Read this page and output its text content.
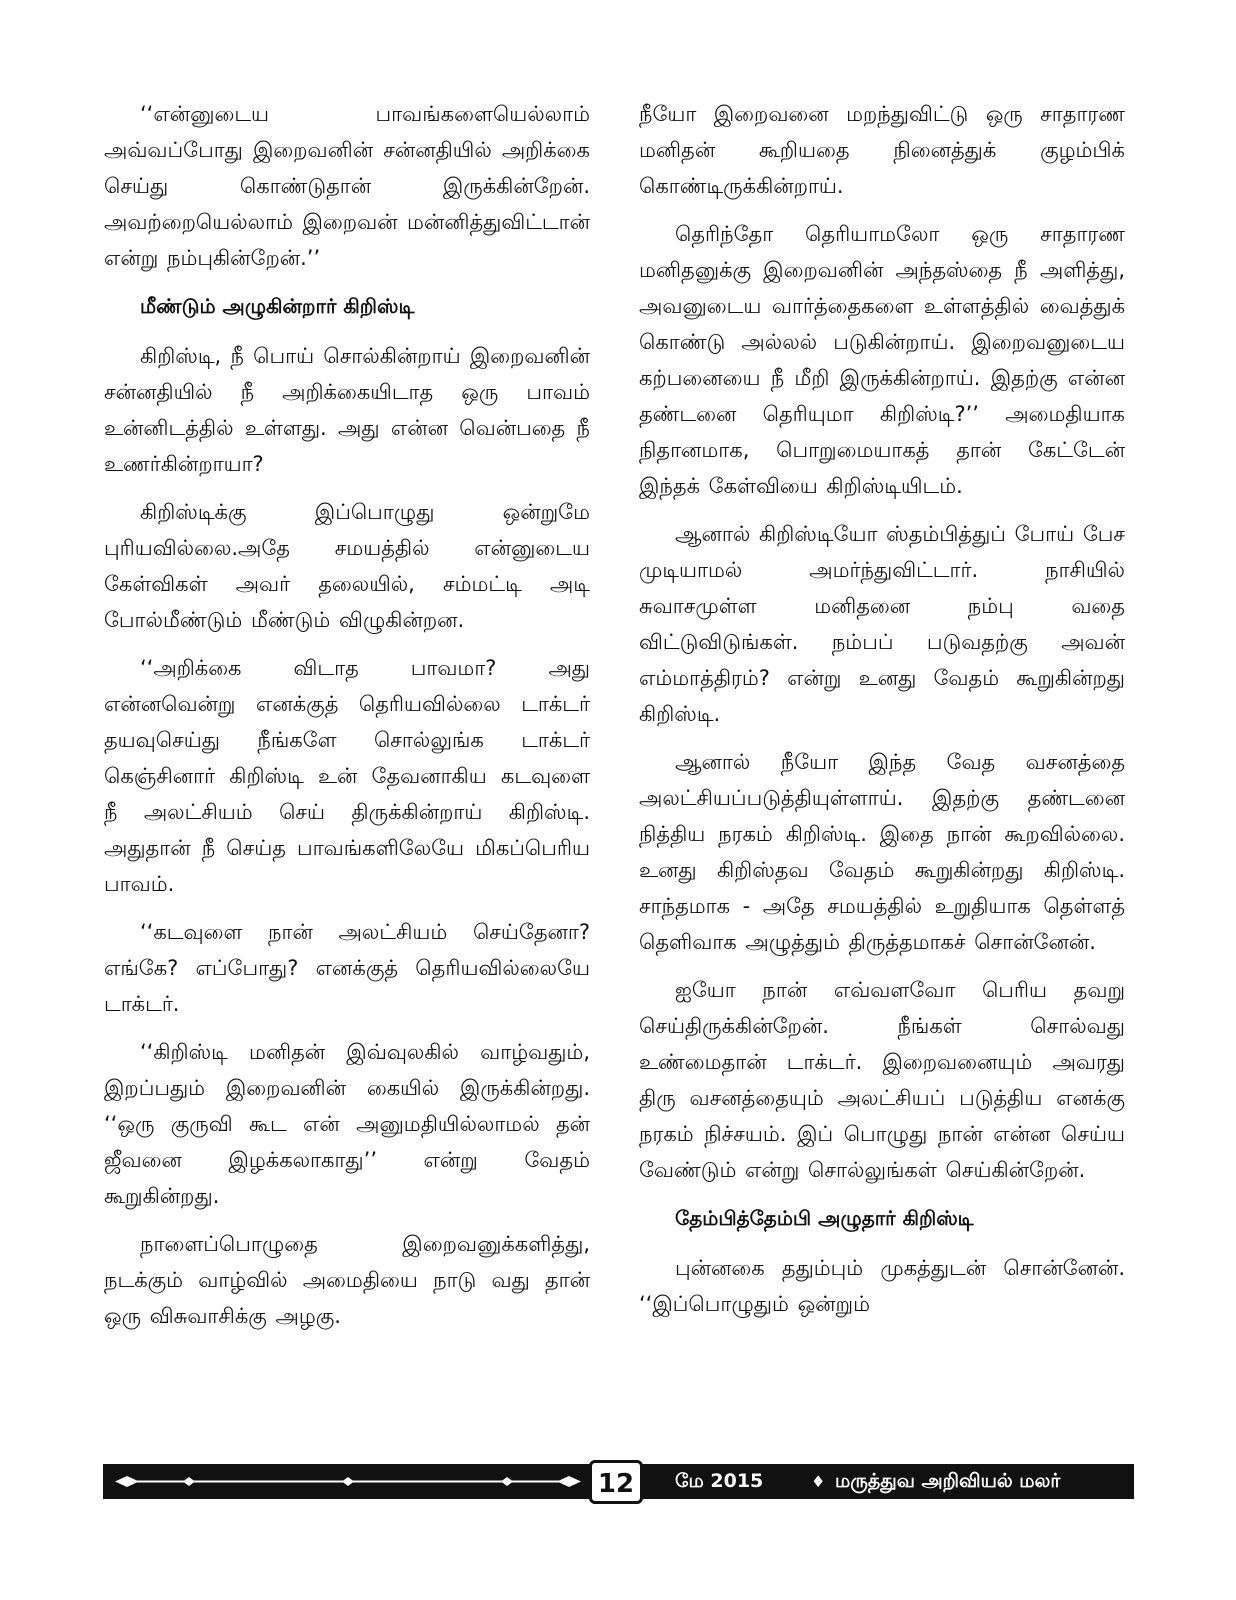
‘‘என்னுடைய பாவங்களையெல்லாம் அவ்வப்போது இறைவனின் சன்னதியில் அறிக்கை செய்து கொண்டுதான் இருக்கின்றேன். அவற்றையெல்லாம் இறைவன் மன்னித்துவிட்டான் என்று நம்புகின்றேன்.’’

மீண்டும் அழுகின்றார் கிறிஸ்டி

கிறிஸ்டி, நீ பொய் சொல்கின்றாய் இறைவனின் சன்னதியில் நீ அறிக்கையிடாத ஒரு பாவம் உன்னிடத்தில் உள்ளது. அது என்ன வென்பதை நீ உணர்கின்றாயா?

கிறிஸ்டிக்கு இப்பொழுது ஒன்றுமே புரியவில்லை.அதே சமயத்தில் என்னுடைய கேள்விகள் அவர் தலையில், சம்மட்டி அடி போல்மீண்டும் மீண்டும் விழுகின்றன.

‘‘அறிக்கை விடாத பாவமா? அது என்னவென்று எனக்குத் தெரியவில்லை டாக்டர் தயவுசெய்து நீங்களே சொல்லுங்க டாக்டர் கெஞ்சினார் கிறிஸ்டி உன் தேவனாகிய கடவுளை நீ அலட்சியம் செய் திருக்கின்றாய் கிறிஸ்டி. அதுதான் நீ செய்த பாவங்களிலேயே மிகப்பெரிய பாவம்.

‘‘கடவுளை நான் அலட்சியம் செய்தேனா? எங்கே? எப்போது? எனக்குத் தெரியவில்லையே டாக்டர்.

‘‘கிறிஸ்டி மனிதன் இவ்வுலகில் வாழ்வதும், இறப்பதும் இறைவனின் கையில் இருக்கின்றது. ‘‘ஒரு குருவி கூட என் அனுமதியில்லாமல் தன் ஜீவனை இழக்கலாகாது’’ என்று வேதம் கூறுகின்றது.

நாளைப்பொழுதை இறைவனுக்களித்து, நடக்கும் வாழ்வில் அமைதியை நாடு வது தான் ஒரு விசுவாசிக்கு அழகு.

நீயோ இறைவனை மறந்துவிட்டு ஒரு சாதாரண மனிதன் கூறியதை நினைத்துக் குழம்பிக் கொண்டிருக்கின்றாய்.

தெரிந்தோ தெரியாமலோ ஒரு சாதாரண மனிதனுக்கு இறைவனின் அந்தஸ்தை நீ அளித்து, அவனுடைய வார்த்தைகளை உள்ளத்தில் வைத்துக் கொண்டு அல்லல் படுகின்றாய். இறைவனுடைய கற்பனையை நீ மீறி இருக்கின்றாய். இதற்கு என்ன தண்டனை தெரியுமா கிறிஸ்டி?’’ அமைதியாக நிதானமாக, பொறுமையாகத் தான் கேட்டேன் இந்தக் கேள்வியை கிறிஸ்டியிடம்.

ஆனால் கிறிஸ்டியோ ஸ்தம்பித்துப் போய் பேச முடியாமல் அமர்ந்துவிட்டார். நாசியில் சுவாசமுள்ள மனிதனை நம்பு வதை விட்டுவிடுங்கள். நம்பப் படுவதற்கு அவன் எம்மாத்திரம்? என்று உனது வேதம் கூறுகின்றது கிறிஸ்டி.

ஆனால் நீயோ இந்த வேத வசனத்தை அலட்சியப்படுத்தியுள்ளாய். இதற்கு தண்டனை நித்திய நரகம் கிறிஸ்டி. இதை நான் கூறவில்லை. உனது கிறிஸ்தவ வேதம் கூறுகின்றது கிறிஸ்டி. சாந்தமாக - அதே சமயத்தில் உறுதியாக தெள்ளத் தெளிவாக அழுத்தும் திருத்தமாகச் சொன்னேன்.

ஐயோ நான் எவ்வளவோ பெரிய தவறு செய்திருக்கின்றேன். நீங்கள் சொல்வது உண்மைதான் டாக்டர். இறைவனையும் அவரது திரு வசனத்தையும் அலட்சியப் படுத்திய எனக்கு நரகம் நிச்சயம். இப் பொழுது நான் என்ன செய்ய வேண்டும் என்று சொல்லுங்கள் செய்கின்றேன்.

தேம்பித்தேம்பி அழுதார் கிறிஸ்டி

புன்னகை ததும்பும் முகத்துடன் சொன்னேன். ‘‘இப்பொழுதும் ஒன்றும்

12	மே 2015	♦ மருத்துவ அறிவியல் மலர்
